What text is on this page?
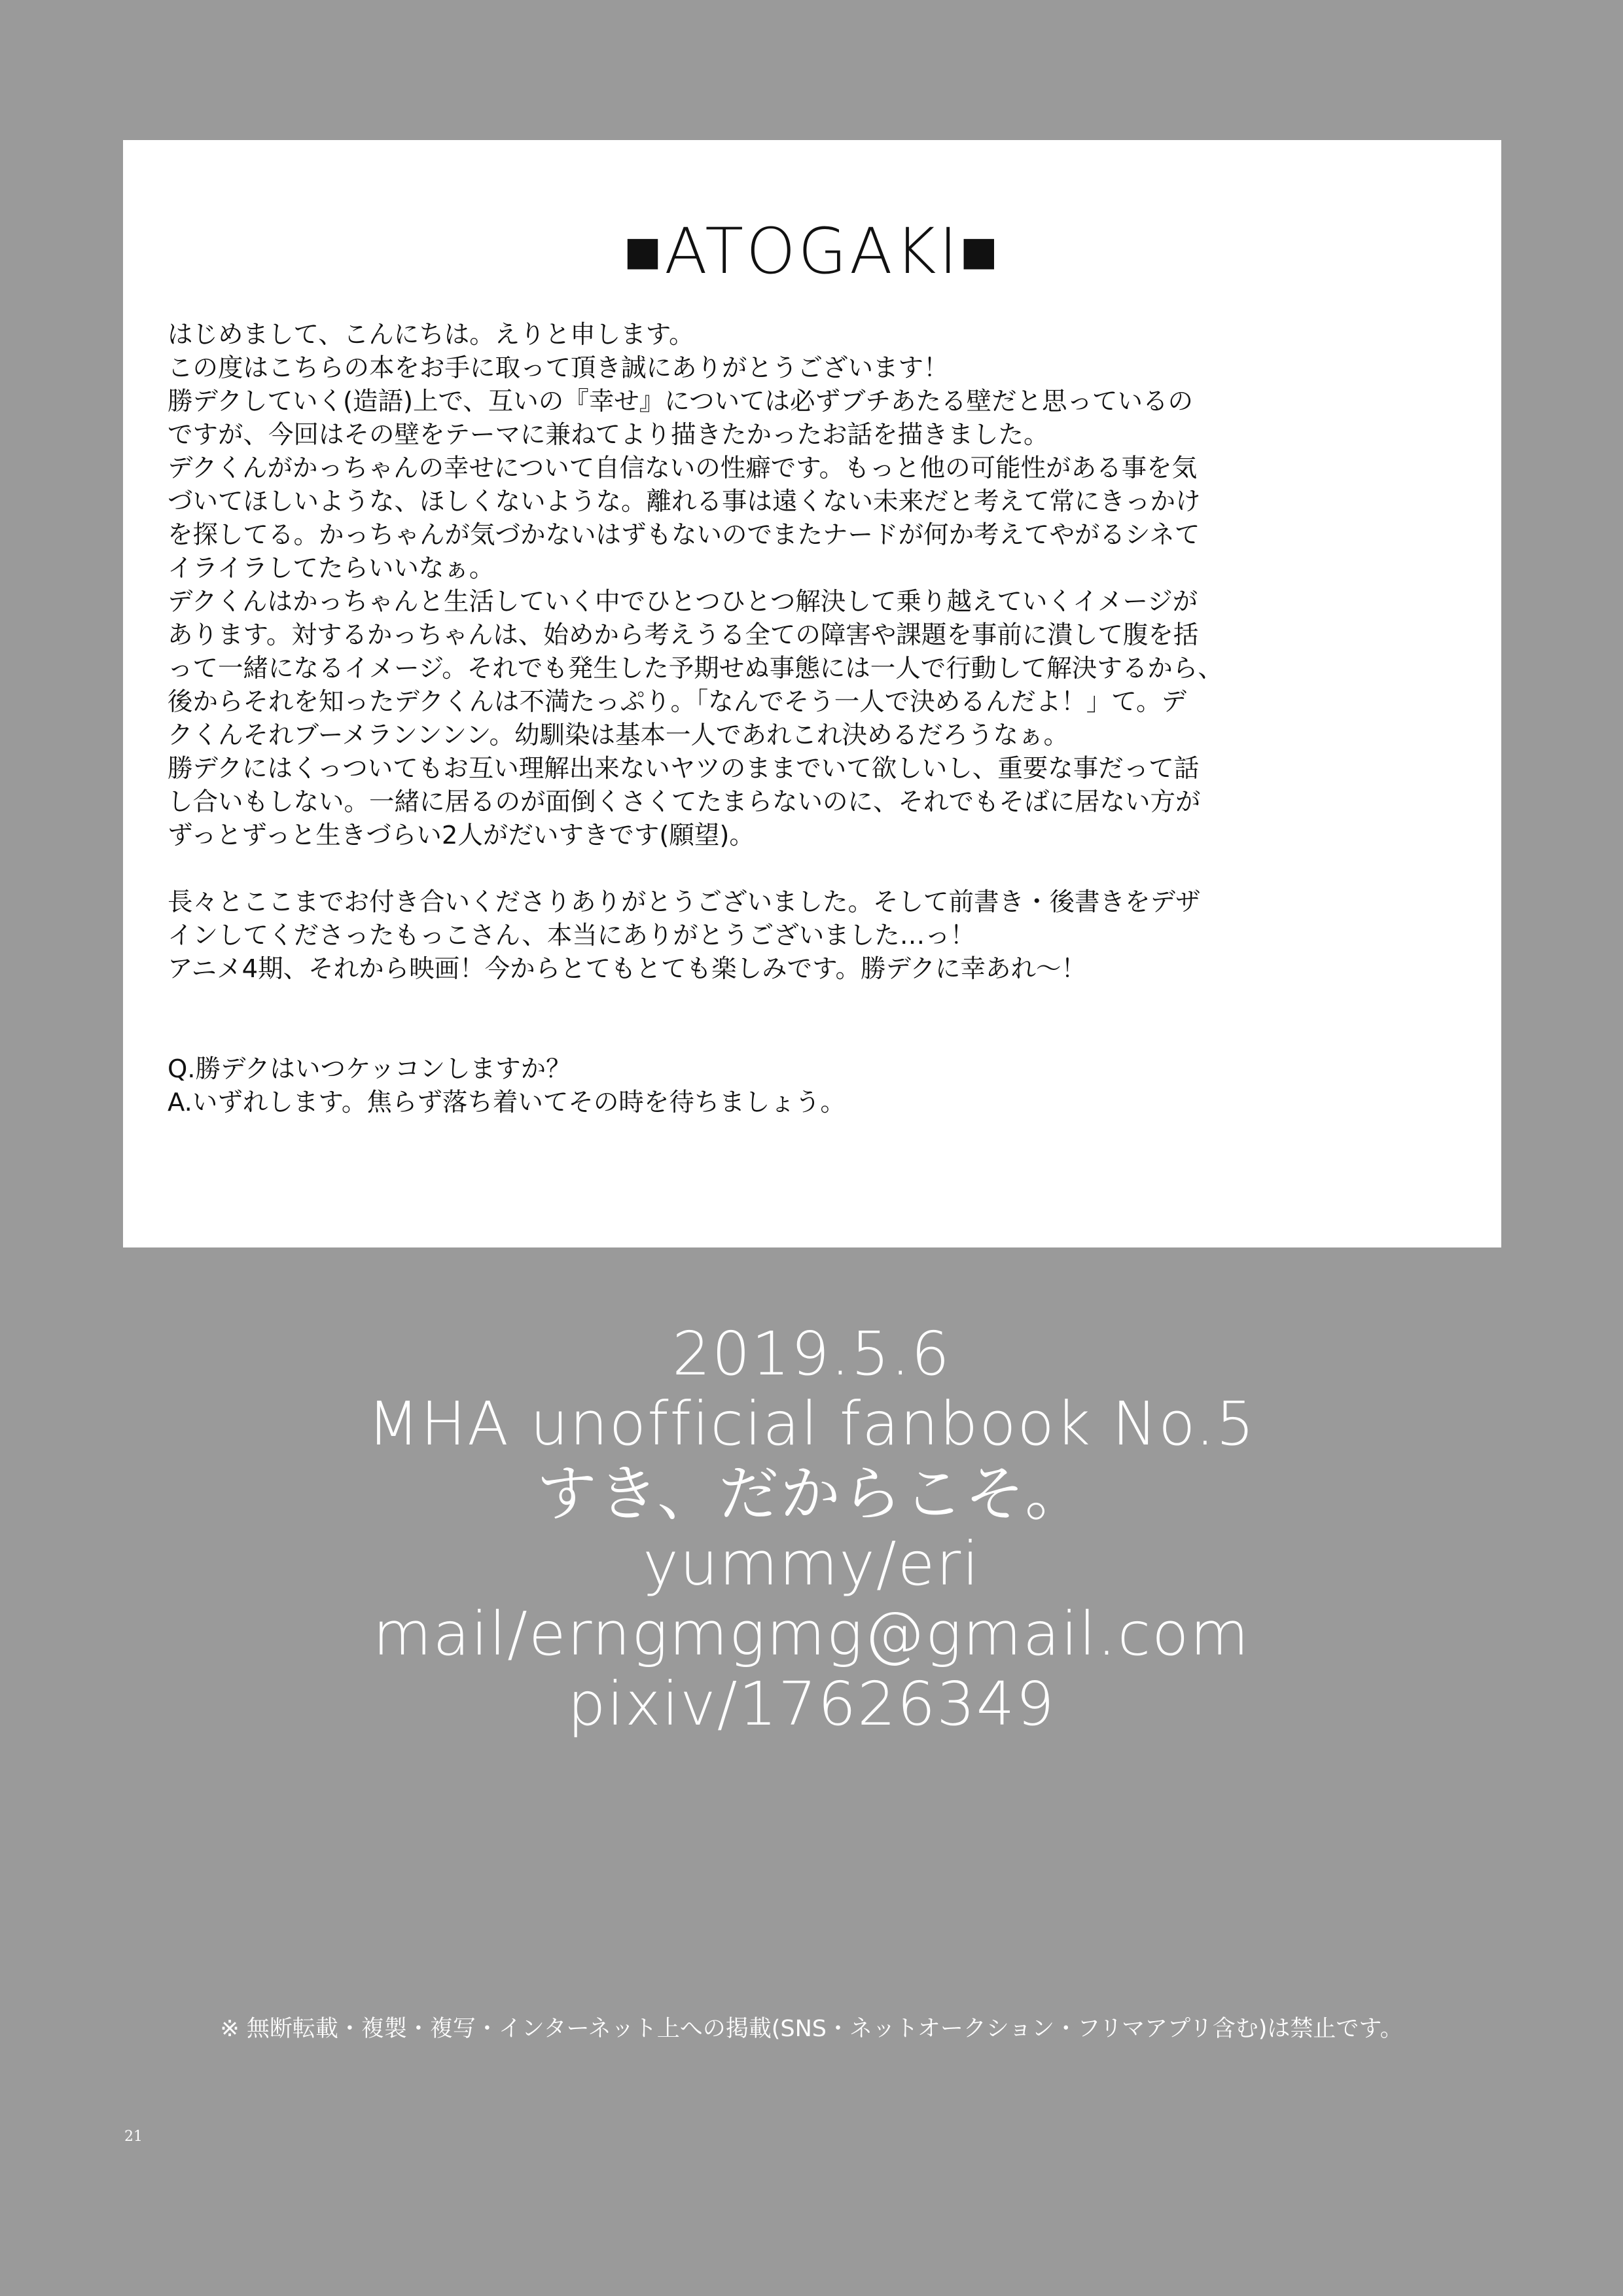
■ATOGAKI■
はじめまして、こんにちは。えりと申します。
この度はこちらの本をお手に取って頂き誠にありがとうございます！
勝デクしていく(造語)上で、互いの『幸せ』については必ずブチあたる壁だと思っているの
ですが、今回はその壁をテーマに兼ねてより描きたかったお話を描きました。
デクくんがかっちゃんの幸せについて自信ないの性癖です。もっと他の可能性がある事を気
づいてほしいような、ほしくないような。離れる事は遠くない未来だと考えて常にきっかけ
を探してる。かっちゃんが気づかないはずもないのでまたナードが何か考えてやがるシネて
イライラしてたらいいなぁ。
デクくんはかっちゃんと生活していく中でひとつひとつ解決して乗り越えていくイメージが
あります。対するかっちゃんは、始めから考えうる全ての障害や課題を事前に潰して腹を括
って一緒になるイメージ。それでも発生した予期せぬ事態には一人で行動して解決するから、
後からそれを知ったデクくんは不満たっぷり。「なんでそう一人で決めるんだよ！」て。デ
クくんそれブーメランンンン。幼馴染は基本一人であれこれ決めるだろうなぁ。
勝デクにはくっついてもお互い理解出来ないヤツのままでいて欲しいし、重要な事だって話
し合いもしない。一緒に居るのが面倒くさくてたまらないのに、それでもそばに居ない方が
ずっとずっと生きづらい2人がだいすきです(願望)。
長々とここまでお付き合いくださりありがとうございました。そして前書き・後書きをデザ
インしてくださったもっこさん、本当にありがとうございました…っ！
アニメ4期、それから映画！今からとてもとても楽しみです。勝デクに幸あれ〜！
Q.勝デクはいつケッコンしますか？
A.いずれします。焦らず落ち着いてその時を待ちましょう。
2019.5.6
MHA unofficial fanbook No.5
すき、だからこそ。
yummy/eri
mail/erngmgmg@gmail.com
pixiv/17626349
※ 無断転載・複製・複写・インターネット上への掲載(SNS・ネットオークション・フリマアプリ含む)は禁止です。
21
